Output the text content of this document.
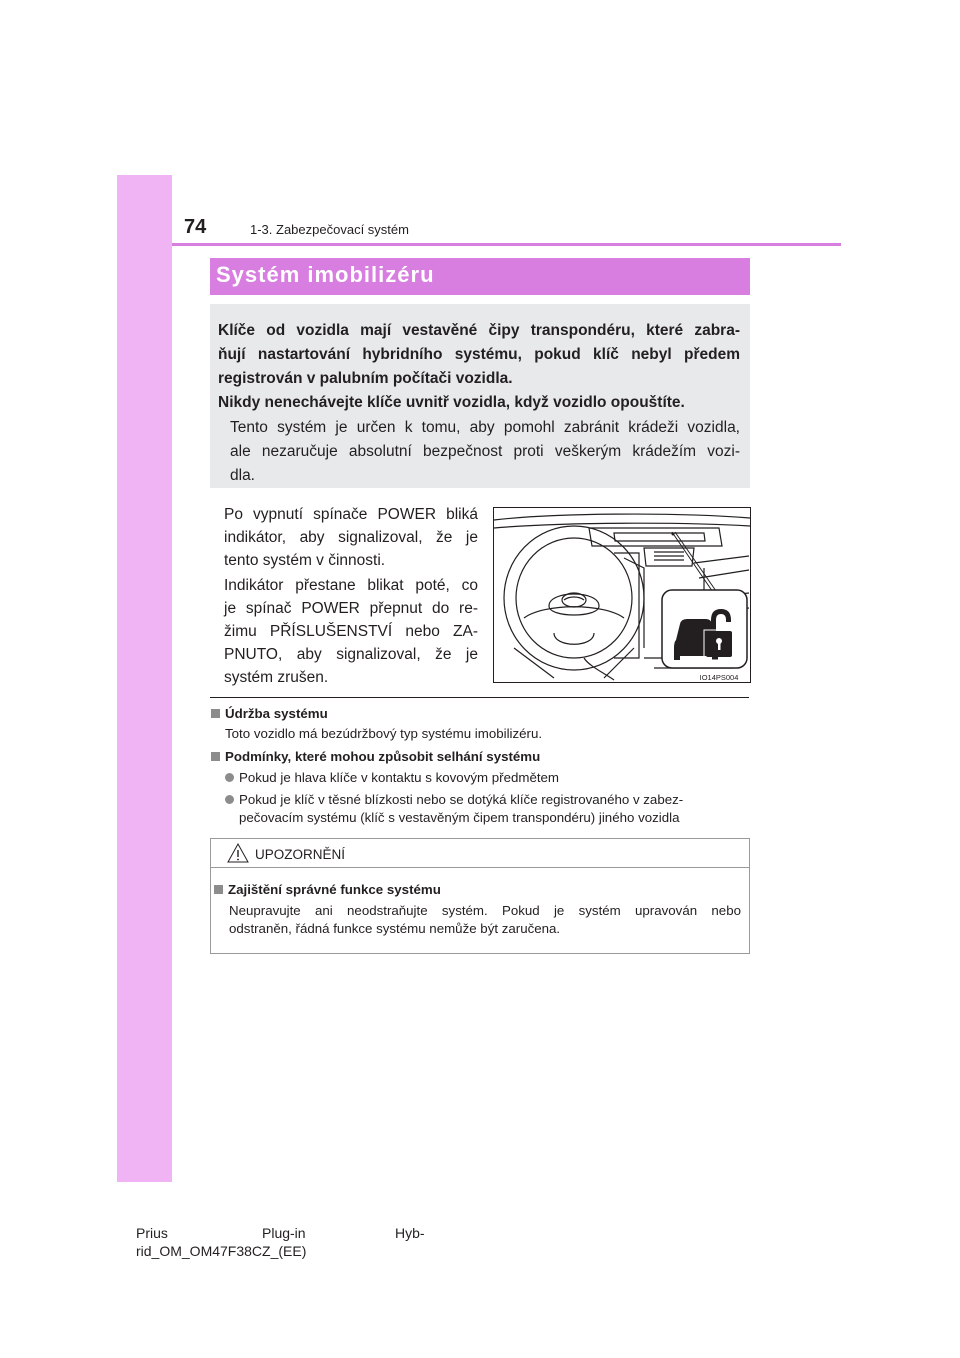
74	1-3. Zabezpečovací systém
Systém imobilizéru
Klíče od vozidla mají vestavěné čipy transpondéru, které zabra-
ňují nastartování hybridního systému, pokud klíč nebyl předem
registrován v palubním počítači vozidla.
Nikdy nenechávejte klíče uvnitř vozidla, když vozidlo opouštíte.
Tento systém je určen k tomu, aby pomohl zabránit krádeži vozidla,
ale nezaručuje absolutní bezpečnost proti veškerým krádežím vozi-
dla.
Po vypnutí spínače POWER bliká
indikátor, aby signalizoval, že je
tento systém v činnosti.
Indikátor přestane blikat poté, co
je spínač POWER přepnut do re-
žimu PŘÍSLUŠENSTVÍ nebo ZA-
PNUTO, aby signalizoval, že je
systém zrušen.	IO14PS004
Údržba systému
Toto vozidlo má bezúdržbový typ systému imobilizéru.
Podmínky, které mohou způsobit selhání systému
Pokud je hlava klíče v kontaktu s kovovým předmětem
Pokud je klíč v těsné blízkosti nebo se dotýká klíče registrovaného v zabez-
pečovacím systému (klíč s vestavěným čipem transpondéru) jiného vozidla
UPOZORNĚNÍ
Zajištění správné funkce systému
Neupravujte ani neodstraňujte systém. Pokud je systém upravován nebo
odstraněn, řádná funkce systému nemůže být zaručena.
Prius	Plug-in	Hyb-
rid_OM_OM47F38CZ_(EE)
